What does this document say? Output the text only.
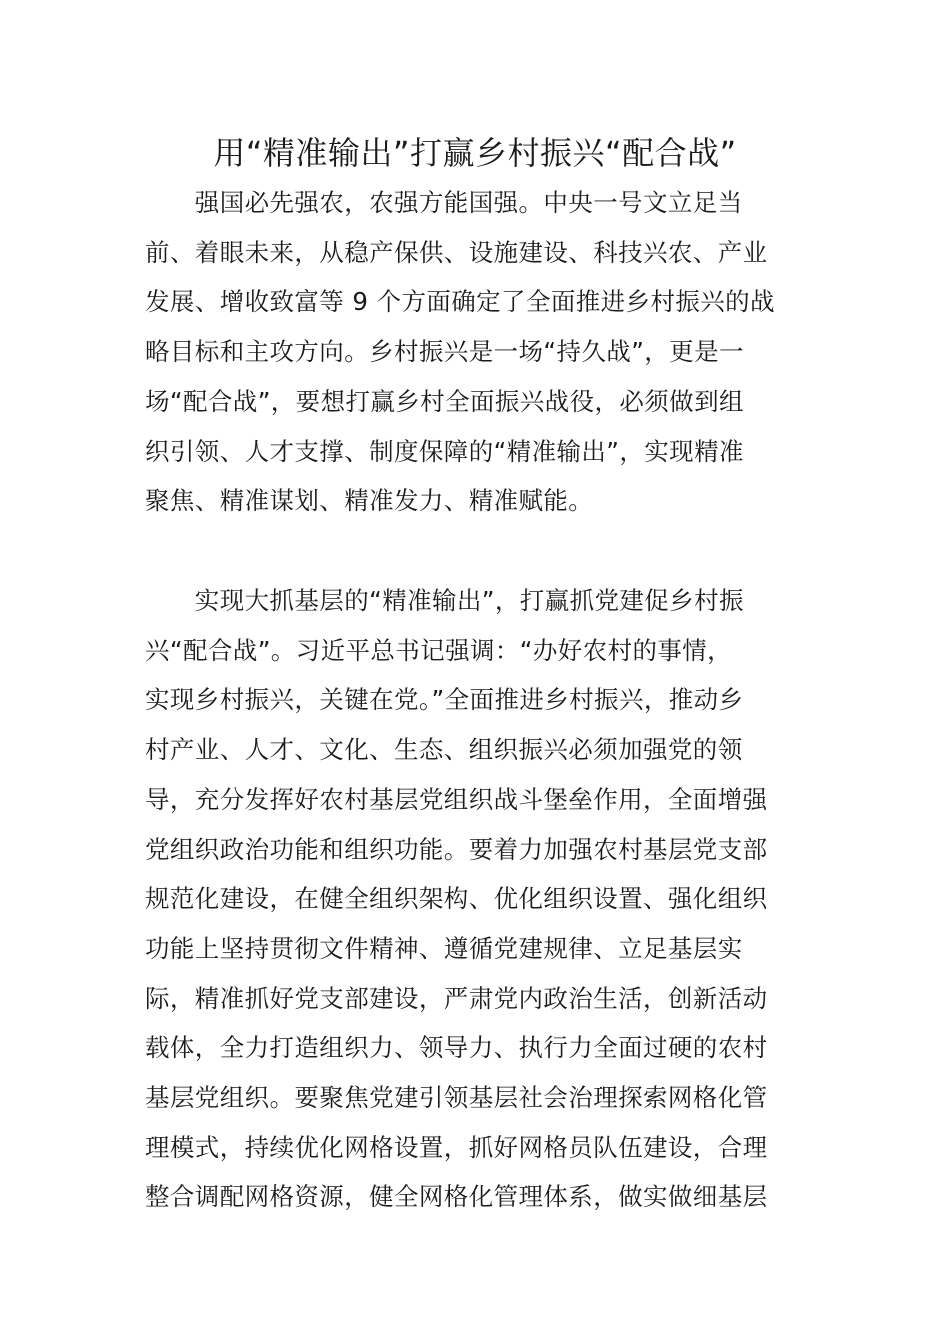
用“精准输出”打赢乡村振兴“配合战”

　　强国必先强农，农强方能国强。中央一号文立足当
前、着眼未来，从稳产保供、设施建设、科技兴农、产业
发展、增收致富等 9 个方面确定了全面推进乡村振兴的战
略目标和主攻方向。乡村振兴是一场“持久战”，更是一
场“配合战”，要想打赢乡村全面振兴战役，必须做到组
织引领、人才支撑、制度保障的“精准输出”，实现精准
聚焦、精准谋划、精准发力、精准赋能。

　　实现大抓基层的“精准输出”，打赢抓党建促乡村振
兴“配合战”。习近平总书记强调：“办好农村的事情，
实现乡村振兴，关键在党。”全面推进乡村振兴，推动乡
村产业、人才、文化、生态、组织振兴必须加强党的领
导，充分发挥好农村基层党组织战斗堡垒作用，全面增强
党组织政治功能和组织功能。要着力加强农村基层党支部
规范化建设，在健全组织架构、优化组织设置、强化组织
功能上坚持贯彻文件精神、遵循党建规律、立足基层实
际，精准抓好党支部建设，严肃党内政治生活，创新活动
载体，全力打造组织力、领导力、执行力全面过硬的农村
基层党组织。要聚焦党建引领基层社会治理探索网格化管
理模式，持续优化网格设置，抓好网格员队伍建设，合理
整合调配网格资源，健全网格化管理体系，做实做细基层
